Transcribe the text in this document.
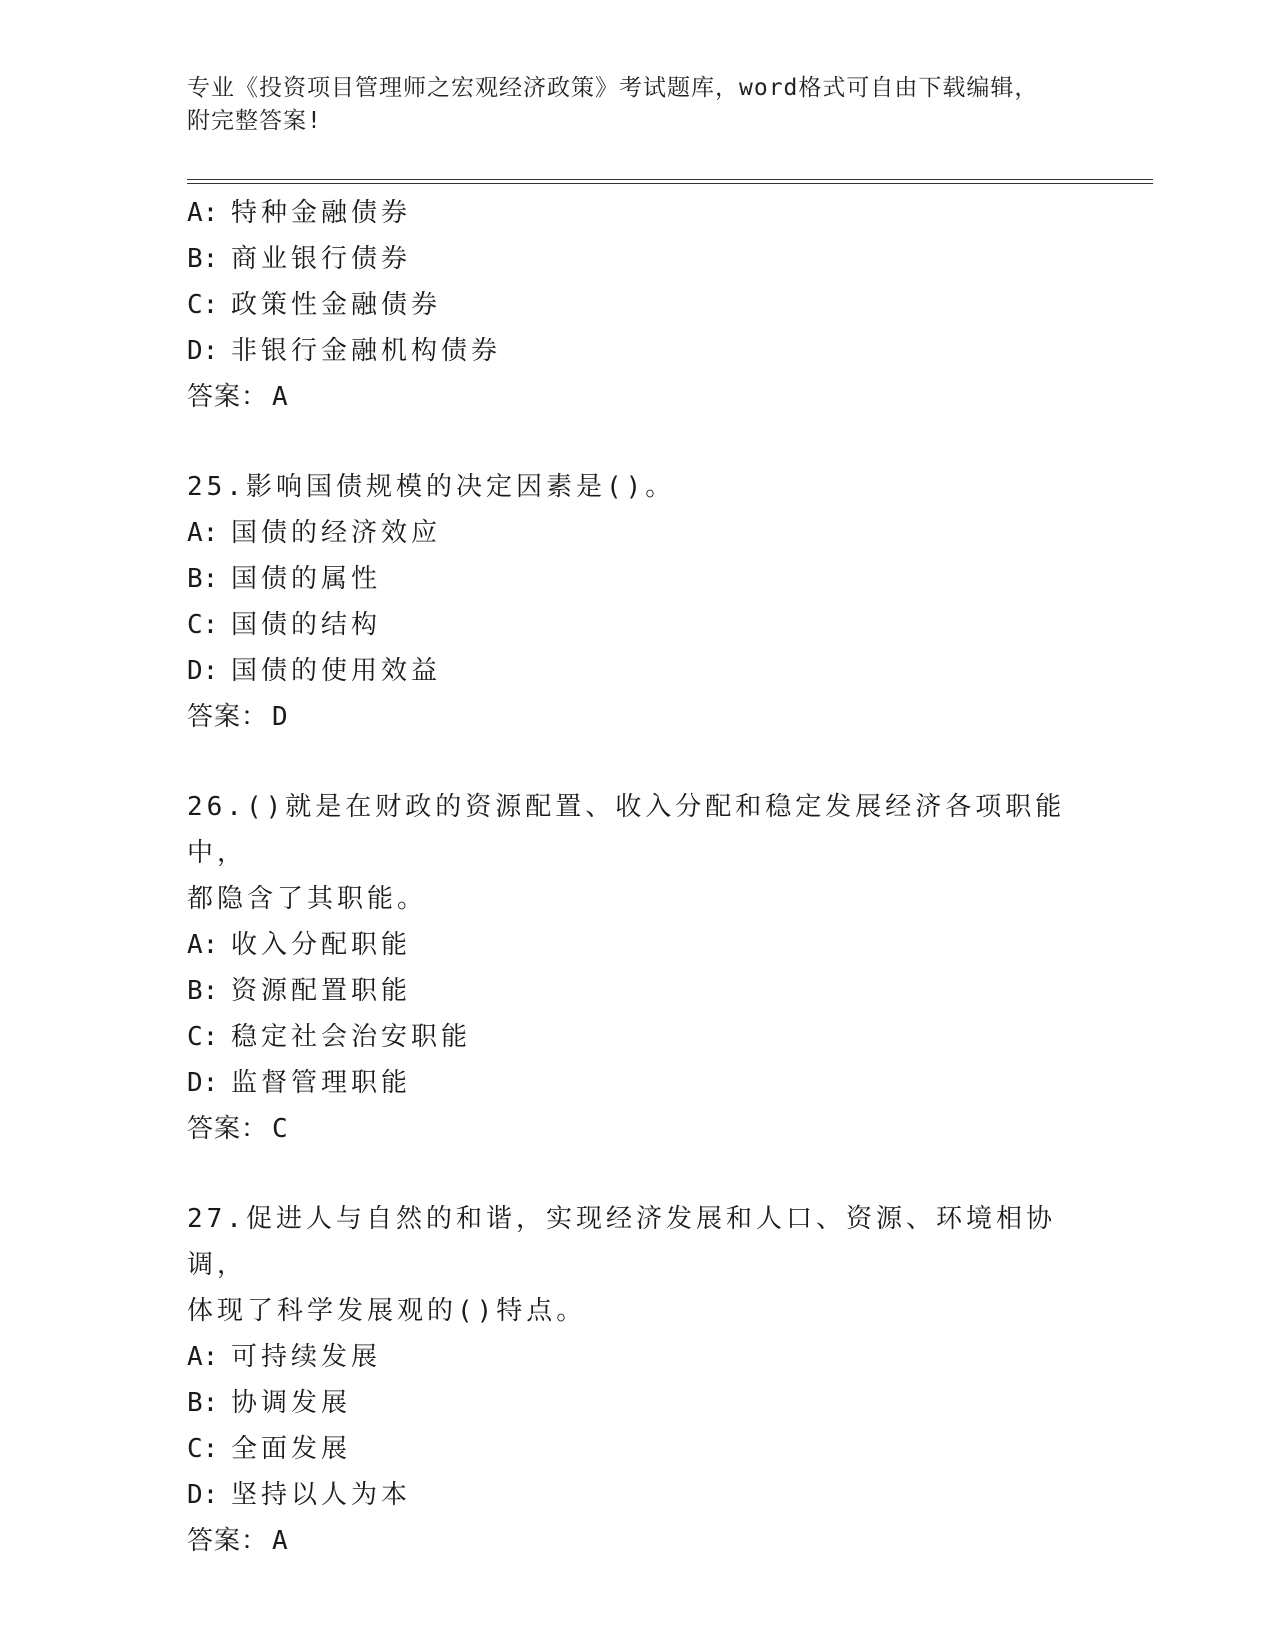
专业《投资项目管理师之宏观经济政策》考试题库，word格式可自由下载编辑，
附完整答案!
A: 特种金融债券
B: 商业银行债券
C: 政策性金融债券
D: 非银行金融机构债券
答案： A
25.影响国债规模的决定因素是()。
A: 国债的经济效应
B: 国债的属性
C: 国债的结构
D: 国债的使用效益
答案： D
26.()就是在财政的资源配置、收入分配和稳定发展经济各项职能中，
都隐含了其职能。
A: 收入分配职能
B: 资源配置职能
C: 稳定社会治安职能
D: 监督管理职能
答案： C
27.促进人与自然的和谐，实现经济发展和人口、资源、环境相协调，
体现了科学发展观的()特点。
A: 可持续发展
B: 协调发展
C: 全面发展
D: 坚持以人为本
答案： A
